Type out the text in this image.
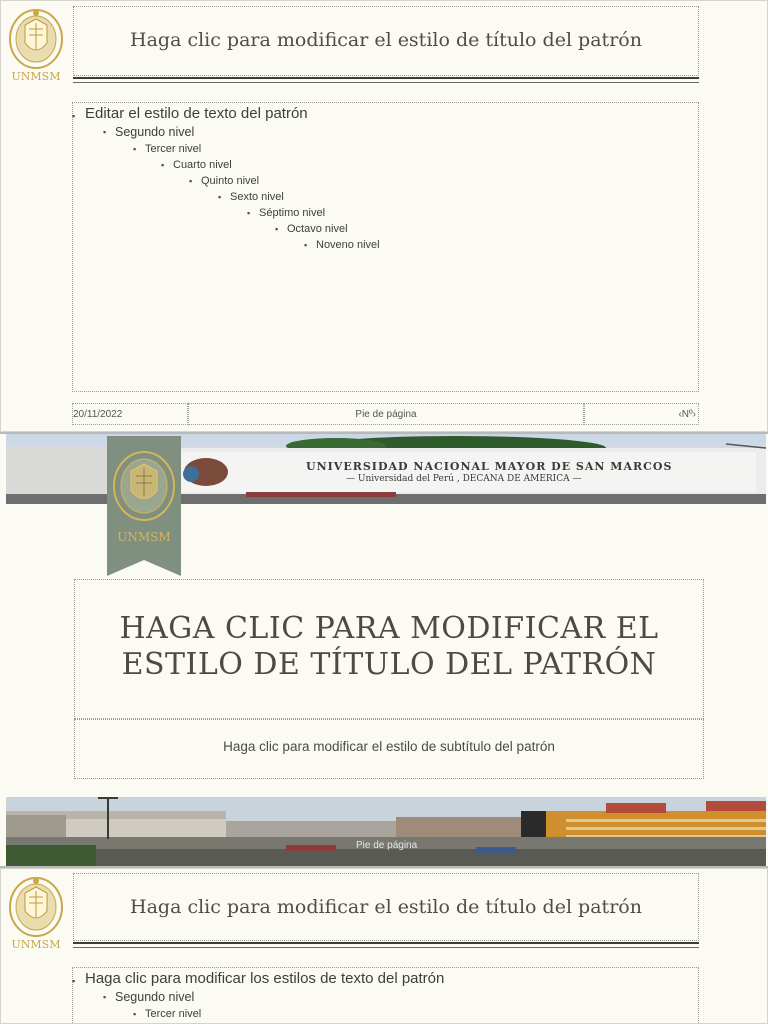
UNMSM
Haga clic para modificar el estilo de título del patrón
▪ Editar el estilo de texto del patrón
▪ Segundo nivel
▪ Tercer nivel
▪ Cuarto nivel
▪ Quinto nivel
▪ Sexto nivel
▪ Séptimo nivel
▪ Octavo nivel
▪ Noveno nivel
20/11/2022	Pie de página	‹Nº›
UNIVERSIDAD NACIONAL MAYOR DE SAN MARCOS
— Universidad del Perú , DECANA DE AMERICA —
UNMSM
HAGA CLIC PARA MODIFICAR EL
ESTILO DE TÍTULO DEL PATRÓN
Haga clic para modificar el estilo de subtítulo del patrón
Pie de página
UNMSM
Haga clic para modificar el estilo de título del patrón
▪ Haga clic para modificar los estilos de texto del patrón
▪ Segundo nivel
▪ Tercer nivel
